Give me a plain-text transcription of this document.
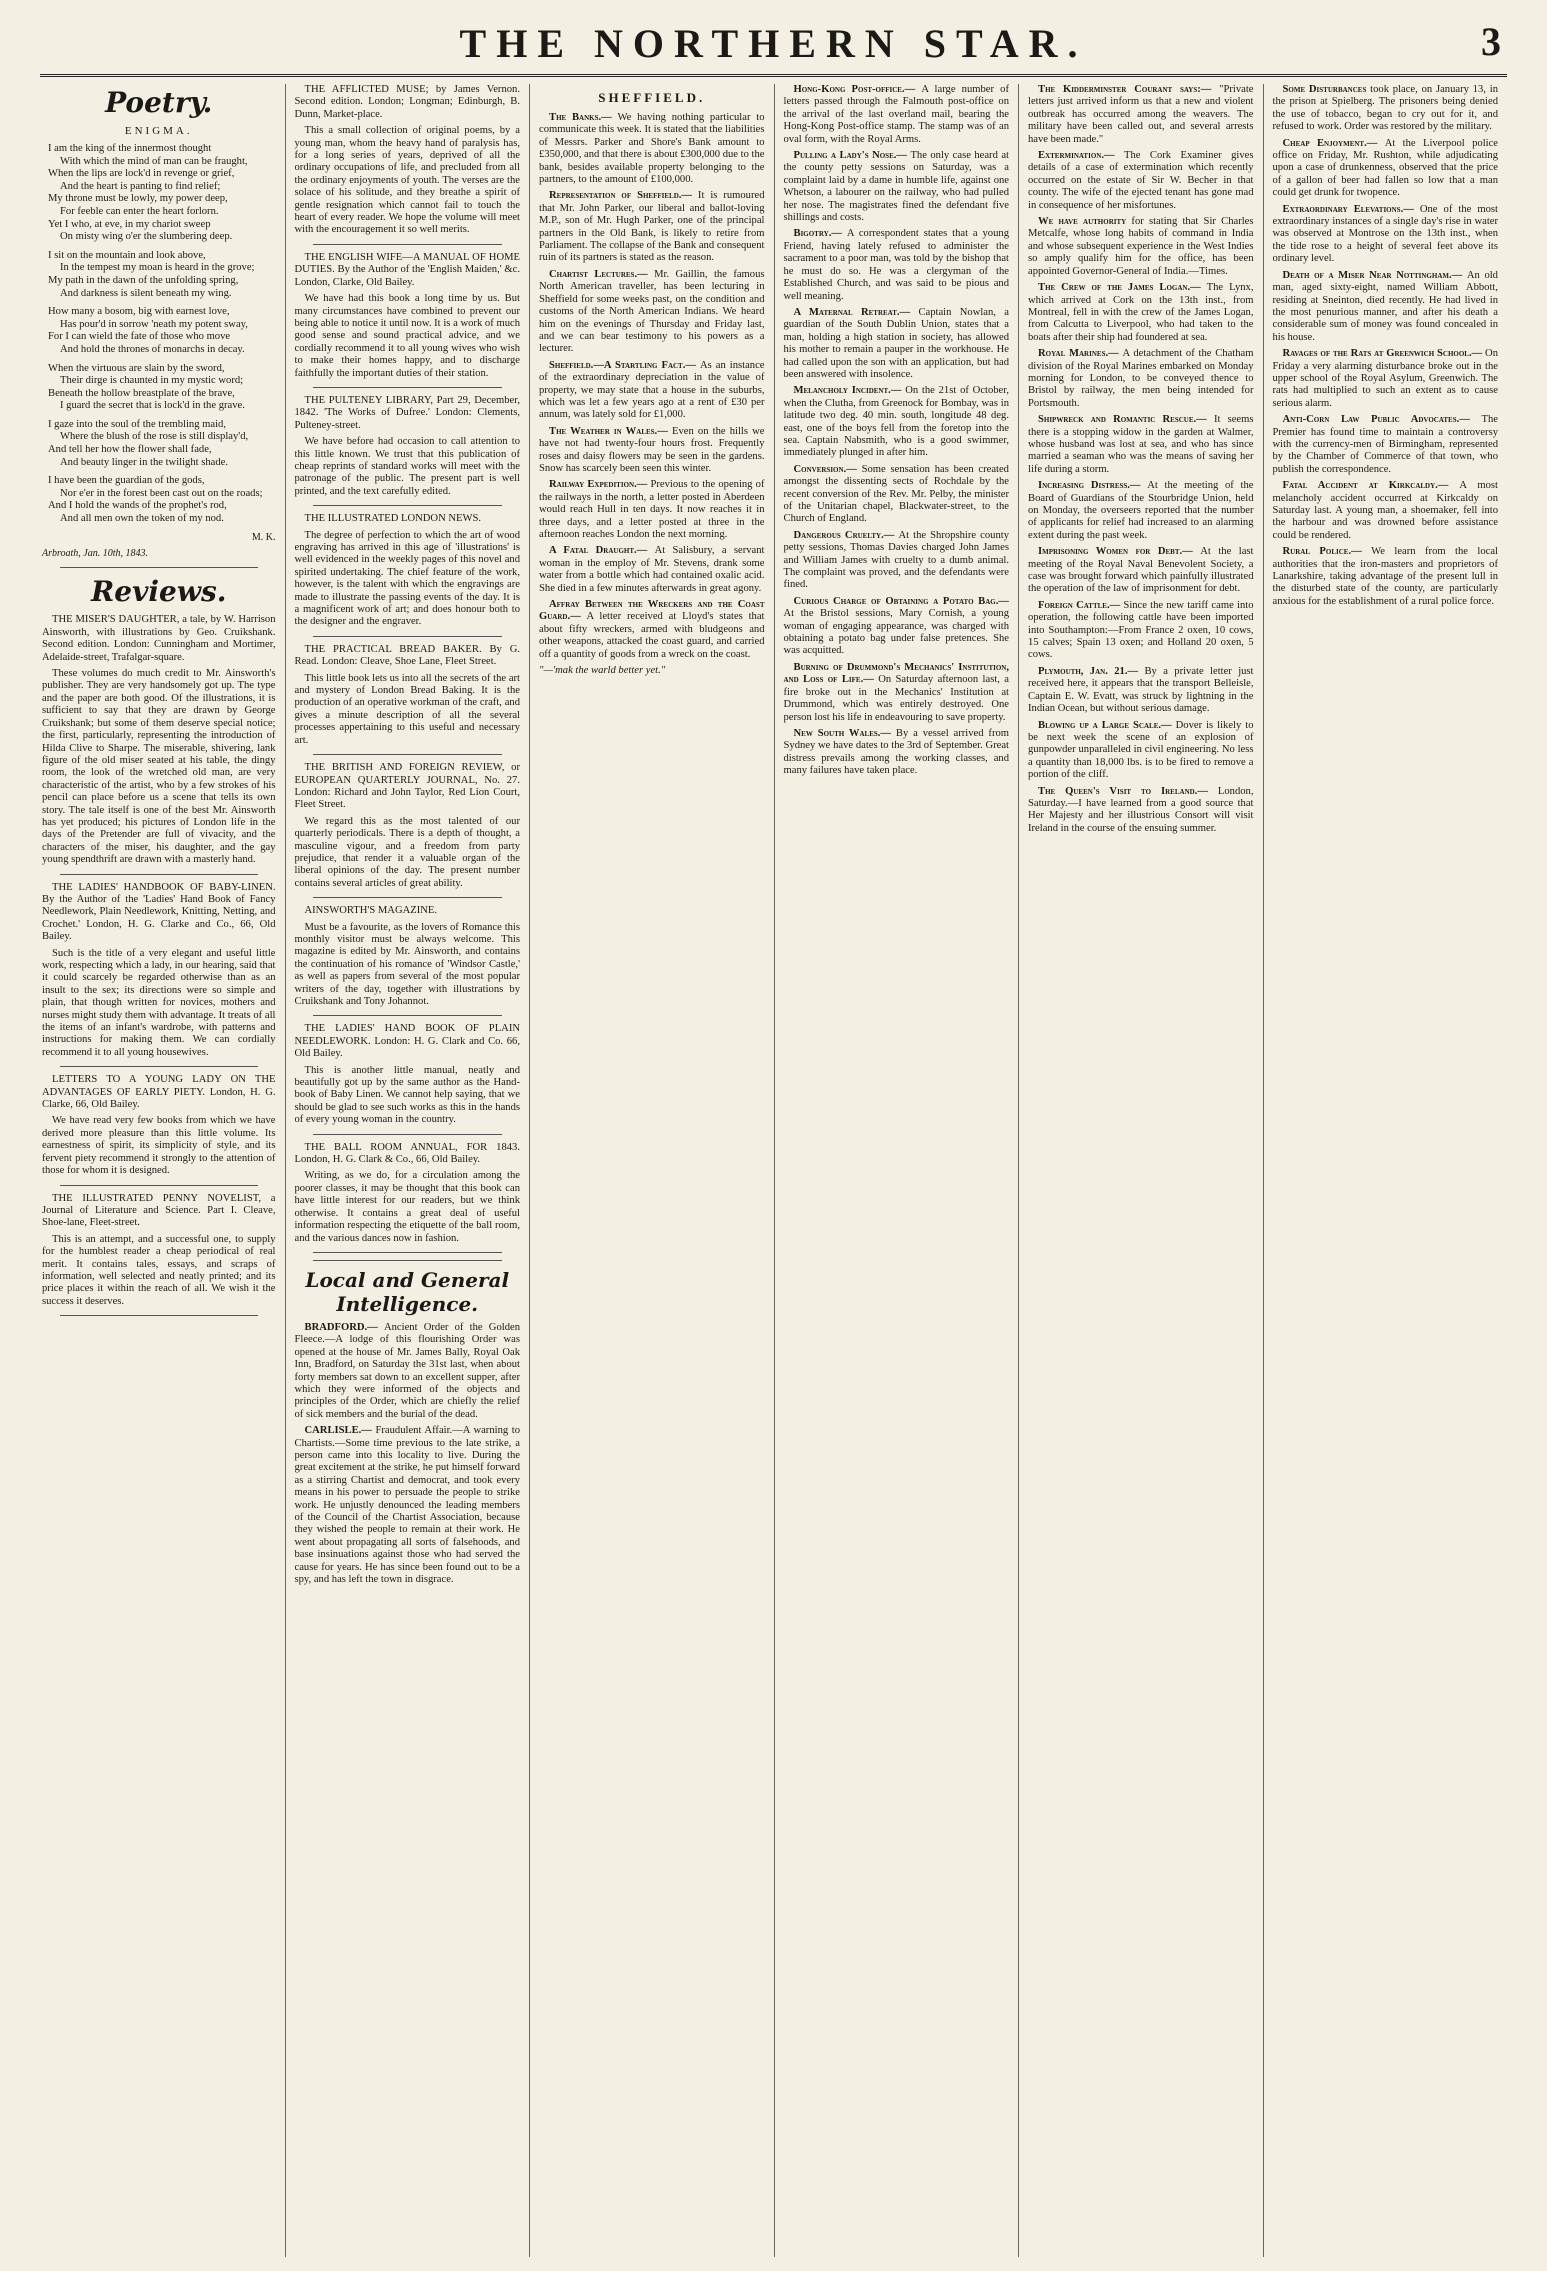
THE NORTHERN STAR.	3
Poetry.
ENIGMA.
I am the king of the innermost thought
With which the mind of man can be fraught,
When the lips are lock'd in revenge or grief,
And the heart is panting to find relief;
My throne must be lowly, my power deep,
For feeble can enter the heart forlorn.
Yet I who, at eve, in my chariot sweep
On misty wing o'er the slumbering deep.
I sit on the mountain and look above,
In the tempest my moan is heard in the grove;
My path in the dawn of the unfolding spring,
And darkness is silent beneath my wing.
How many a bosom, big with earnest love,
Has pour'd in sorrow 'neath my potent sway,
For I can wield the fate of those who move
And hold the thrones of monarchs in decay.
When the virtuous are slain by the sword,
Their dirge is chaunted in my mystic word;
Beneath the hollow breastplate of the brave,
I guard the secret that is lock'd in the grave.
I gaze into the soul of the trembling maid,
Where the blush of the rose is still display'd,
And tell her how the flower shall fade,
And beauty linger in the twilight shade.
I have been the guardian of the gods,
Nor e'er in the forest been cast out on the roads;
And I hold the wands of the prophet's rod,
And all men own the token of my nod.

M. K.

Arbroath, Jan. 10th, 1843.

Reviews.

THE MISER'S DAUGHTER, a tale, by W. Harrison Ainsworth, with illustrations by Geo. Cruikshank. Second edition. London: Cunningham and Mortimer, Adelaide-street, Trafalgar-square.

These volumes do much credit to Mr. Ainsworth's publisher. They are very handsomely got up. The type and the paper are both good. Of the illustrations, it is sufficient to say that they are drawn by George Cruikshank; but some of them deserve special notice; the first, particularly, representing the introduction of Hilda Clive to Sharpe. The miserable, shivering, lank figure of the old miser seated at his table, the dingy room, the look of the wretched old man, are very characteristic of the artist, who by a few strokes of his pencil can place before us a scene that tells its own story. The tale itself is one of the best Mr. Ainsworth has yet produced; his pictures of London life in the days of the Pretender are full of vivacity, and the characters of the miser, his daughter, and the gay young spendthrift are drawn with a masterly hand.

THE LADIES' HANDBOOK OF BABY-LINEN. By the Author of the 'Ladies' Hand Book of Fancy Needlework, Plain Needlework, Knitting, Netting, and Crochet.' London, H. G. Clarke and Co., 66, Old Bailey.

Such is the title of a very elegant and useful little work, respecting which a lady, in our hearing, said that it could scarcely be regarded otherwise than as an insult to the sex; its directions were so simple and plain, that though written for novices, mothers and nurses might study them with advantage. It treats of all the items of an infant's wardrobe, with patterns and instructions for making them. We can cordially recommend it to all young housewives.

LETTERS TO A YOUNG LADY ON THE ADVANTAGES OF EARLY PIETY. London, H. G. Clarke, 66, Old Bailey.

We have read very few books from which we have derived more pleasure than this little volume. Its earnestness of spirit, its simplicity of style, and its fervent piety recommend it strongly to the attention of those for whom it is designed.

THE ILLUSTRATED PENNY NOVELIST, a Journal of Literature and Science. Part I. Cleave, Shoe-lane, Fleet-street.

This is an attempt, and a successful one, to supply for the humblest reader a cheap periodical of real merit. It contains tales, essays, and scraps of information, well selected and neatly printed; and its price places it within the reach of all. We wish it the success it deserves.

THE AFFLICTED MUSE; by James Vernon. Second edition. London; Longman; Edinburgh, B. Dunn, Market-place.

This a small collection of original poems, by a young man, whom the heavy hand of paralysis has, for a long series of years, deprived of all the ordinary occupations of life, and precluded from all the ordinary enjoyments of youth. The verses are the solace of his solitude, and they breathe a spirit of gentle resignation which cannot fail to touch the heart of every reader. We hope the volume will meet with the encouragement it so well merits.

THE ENGLISH WIFE—A MANUAL OF HOME DUTIES. By the Author of the 'English Maiden,' &c. London, Clarke, Old Bailey.

We have had this book a long time by us. But many circumstances have combined to prevent our being able to notice it until now. It is a work of much good sense and sound practical advice, and we cordially recommend it to all young wives who wish to make their homes happy, and to discharge faithfully the important duties of their station.

THE PULTENEY LIBRARY, Part 29, December, 1842. 'The Works of Dufree.' London: Clements, Pulteney-street.

We have before had occasion to call attention to this little known. We trust that this publication of cheap reprints of standard works will meet with the patronage of the public. The present part is well printed, and the text carefully edited.

THE ILLUSTRATED LONDON NEWS.

The degree of perfection to which the art of wood engraving has arrived in this age of 'illustrations' is well evidenced in the weekly pages of this novel and spirited undertaking. The chief feature of the work, however, is the talent with which the engravings are made to illustrate the passing events of the day. It is a magnificent work of art; and does honour both to the designer and the engraver.

THE PRACTICAL BREAD BAKER. By G. Read. London: Cleave, Shoe Lane, Fleet Street.

This little book lets us into all the secrets of the art and mystery of London Bread Baking. It is the production of an operative workman of the craft, and gives a minute description of all the several processes appertaining to this useful and necessary art.

THE BRITISH AND FOREIGN REVIEW, or EUROPEAN QUARTERLY JOURNAL, No. 27. London: Richard and John Taylor, Red Lion Court, Fleet Street.

We regard this as the most talented of our quarterly periodicals. There is a depth of thought, a masculine vigour, and a freedom from party prejudice, that render it a valuable organ of the liberal opinions of the day. The present number contains several articles of great ability.

AINSWORTH'S MAGAZINE.

Must be a favourite, as the lovers of Romance this monthly visitor must be always welcome. This magazine is edited by Mr. Ainsworth, and contains the continuation of his romance of 'Windsor Castle,' as well as papers from several of the most popular writers of the day, together with illustrations by Cruikshank and Tony Johannot.

THE LADIES' HAND BOOK OF PLAIN NEEDLEWORK. London: H. G. Clark and Co. 66, Old Bailey.

This is another little manual, neatly and beautifully got up by the same author as the Hand-book of Baby Linen. We cannot help saying, that we should be glad to see such works as this in the hands of every young woman in the country.

THE BALL ROOM ANNUAL, FOR 1843. London, H. G. Clark & Co., 66, Old Bailey.

Writing, as we do, for a circulation among the poorer classes, it may be thought that this book can have little interest for our readers, but we think otherwise. It contains a great deal of useful information respecting the etiquette of the ball room, and the various dances now in fashion.

Local and General Intelligence.

BRADFORD.— Ancient Order of the Golden Fleece.—A lodge of this flourishing Order was opened at the house of Mr. James Bally, Royal Oak Inn, Bradford, on Saturday the 31st last, when about forty members sat down to an excellent supper, after which they were informed of the objects and principles of the Order, which are chiefly the relief of sick members and the burial of the dead.

CARLISLE.— Fraudulent Affair.—A warning to Chartists.—Some time previous to the late strike, a person came into this locality to live. During the great excitement at the strike, he put himself forward as a stirring Chartist and democrat, and took every means in his power to persuade the people to strike work. He unjustly denounced the leading members of the Council of the Chartist Association, because they wished the people to remain at their work. He went about propagating all sorts of falsehoods, and base insinuations against those who had served the cause for years. He has since been found out to be a spy, and has left the town in disgrace.

SHEFFIELD.

The Banks.— We having nothing particular to communicate this week. It is stated that the liabilities of Messrs. Parker and Shore's Bank amount to £350,000, and that there is about £300,000 due to the bank, besides available property belonging to the partners, to the amount of £100,000.

Representation of Sheffield.— It is rumoured that Mr. John Parker, our liberal and ballot-loving M.P., son of Mr. Hugh Parker, one of the principal partners in the Old Bank, is likely to retire from Parliament. The collapse of the Bank and consequent ruin of its partners is stated as the reason.

Chartist Lectures.— Mr. Gaillin, the famous North American traveller, has been lecturing in Sheffield for some weeks past, on the condition and customs of the North American Indians. We heard him on the evenings of Thursday and Friday last, and we can bear testimony to his powers as a lecturer.

Sheffield.—A Startling Fact.— As an instance of the extraordinary depreciation in the value of property, we may state that a house in the suburbs, which was let a few years ago at a rent of £30 per annum, was lately sold for £1,000.

The Weather in Wales.— Even on the hills we have not had twenty-four hours frost. Frequently roses and daisy flowers may be seen in the gardens. Snow has scarcely been seen this winter.

Railway Expedition.— Previous to the opening of the railways in the north, a letter posted in Aberdeen would reach Hull in ten days. It now reaches it in three days, and a letter posted at three in the afternoon reaches London the next morning.

A Fatal Draught.— At Salisbury, a servant woman in the employ of Mr. Stevens, drank some water from a bottle which had contained oxalic acid. She died in a few minutes afterwards in great agony.

Affray Between the Wreckers and the Coast Guard.— A letter received at Lloyd's states that about fifty wreckers, armed with bludgeons and other weapons, attacked the coast guard, and carried off a quantity of goods from a wreck on the coast.

"—'mak the warld better yet."

Hong-Kong Post-office.— A large number of letters passed through the Falmouth post-office on the arrival of the last overland mail, bearing the Hong-Kong Post-office stamp. The stamp was of an oval form, with the Royal Arms.

Pulling a Lady's Nose.— The only case heard at the county petty sessions on Saturday, was a complaint laid by a dame in humble life, against one Whetson, a labourer on the railway, who had pulled her nose. The magistrates fined the defendant five shillings and costs.

Bigotry.— A correspondent states that a young Friend, having lately refused to administer the sacrament to a poor man, was told by the bishop that he must do so. He was a clergyman of the Established Church, and was said to be pious and well meaning.

A Maternal Retreat.— Captain Nowlan, a guardian of the South Dublin Union, states that a man, holding a high station in society, has allowed his mother to remain a pauper in the workhouse. He had called upon the son with an application, but had been answered with insolence.

Melancholy Incident.— On the 21st of October, when the Clutha, from Greenock for Bombay, was in latitude two deg. 40 min. south, longitude 48 deg. east, one of the boys fell from the foretop into the sea. Captain Nabsmith, who is a good swimmer, immediately plunged in after him.

Conversion.— Some sensation has been created amongst the dissenting sects of Rochdale by the recent conversion of the Rev. Mr. Pelby, the minister of the Unitarian chapel, Blackwater-street, to the Church of England.

Dangerous Cruelty.— At the Shropshire county petty sessions, Thomas Davies charged John James and William James with cruelty to a dumb animal. The complaint was proved, and the defendants were fined.

Curious Charge of Obtaining a Potato Bag.— At the Bristol sessions, Mary Cornish, a young woman of engaging appearance, was charged with obtaining a potato bag under false pretences. She was acquitted.

Burning of Drummond's Mechanics' Institution, and Loss of Life.— On Saturday afternoon last, a fire broke out in the Mechanics' Institution at Drummond, which was entirely destroyed. One person lost his life in endeavouring to save property.

New South Wales.— By a vessel arrived from Sydney we have dates to the 3rd of September. Great distress prevails among the working classes, and many failures have taken place.

The Kidderminster Courant says:— "Private letters just arrived inform us that a new and violent outbreak has occurred among the weavers. The military have been called out, and several arrests have been made."

Extermination.— The Cork Examiner gives details of a case of extermination which recently occurred on the estate of Sir W. Becher in that county. The wife of the ejected tenant has gone mad in consequence of her misfortunes.

We have authority for stating that Sir Charles Metcalfe, whose long habits of command in India and whose subsequent experience in the West Indies so amply qualify him for the office, has been appointed Governor-General of India.—Times.

The Crew of the James Logan.— The Lynx, which arrived at Cork on the 13th inst., from Montreal, fell in with the crew of the James Logan, from Calcutta to Liverpool, who had taken to the boats after their ship had foundered at sea.

Royal Marines.— A detachment of the Chatham division of the Royal Marines embarked on Monday morning for London, to be conveyed thence to Bristol by railway, the men being intended for Portsmouth.

Shipwreck and Romantic Rescue.— It seems there is a stopping widow in the garden at Walmer, whose husband was lost at sea, and who has since married a seaman who was the means of saving her life during a storm.

Increasing Distress.— At the meeting of the Board of Guardians of the Stourbridge Union, held on Monday, the overseers reported that the number of applicants for relief had increased to an alarming extent during the past week.

Imprisoning Women for Debt.— At the last meeting of the Royal Naval Benevolent Society, a case was brought forward which painfully illustrated the operation of the law of imprisonment for debt.

Foreign Cattle.— Since the new tariff came into operation, the following cattle have been imported into Southampton:—From France 2 oxen, 10 cows, 15 calves; Spain 13 oxen; and Holland 20 oxen, 5 cows.

Plymouth, Jan. 21.— By a private letter just received here, it appears that the transport Belleisle, Captain E. W. Evatt, was struck by lightning in the Indian Ocean, but without serious damage.

Blowing up a Large Scale.— Dover is likely to be next week the scene of an explosion of gunpowder unparalleled in civil engineering. No less a quantity than 18,000 lbs. is to be fired to remove a portion of the cliff.

The Queen's Visit to Ireland.— London, Saturday.—I have learned from a good source that Her Majesty and her illustrious Consort will visit Ireland in the course of the ensuing summer.

Some Disturbances took place, on January 13, in the prison at Spielberg. The prisoners being denied the use of tobacco, began to cry out for it, and refused to work. Order was restored by the military.

Cheap Enjoyment.— At the Liverpool police office on Friday, Mr. Rushton, while adjudicating upon a case of drunkenness, observed that the price of a gallon of beer had fallen so low that a man could get drunk for twopence.

Extraordinary Elevations.— One of the most extraordinary instances of a single day's rise in water was observed at Montrose on the 13th inst., when the tide rose to a height of several feet above its ordinary level.

Death of a Miser Near Nottingham.— An old man, aged sixty-eight, named William Abbott, residing at Sneinton, died recently. He had lived in the most penurious manner, and after his death a considerable sum of money was found concealed in his house.

Ravages of the Rats at Greenwich School.— On Friday a very alarming disturbance broke out in the upper school of the Royal Asylum, Greenwich. The rats had multiplied to such an extent as to cause serious alarm.

Anti-Corn Law Public Advocates.— The Premier has found time to maintain a controversy with the currency-men of Birmingham, represented by the Chamber of Commerce of that town, who publish the correspondence.

Fatal Accident at Kirkcaldy.— A most melancholy accident occurred at Kirkcaldy on Saturday last. A young man, a shoemaker, fell into the harbour and was drowned before assistance could be rendered.

Rural Police.— We learn from the local authorities that the iron-masters and proprietors of Lanarkshire, taking advantage of the present lull in the disturbed state of the county, are particularly anxious for the establishment of a rural police force.
